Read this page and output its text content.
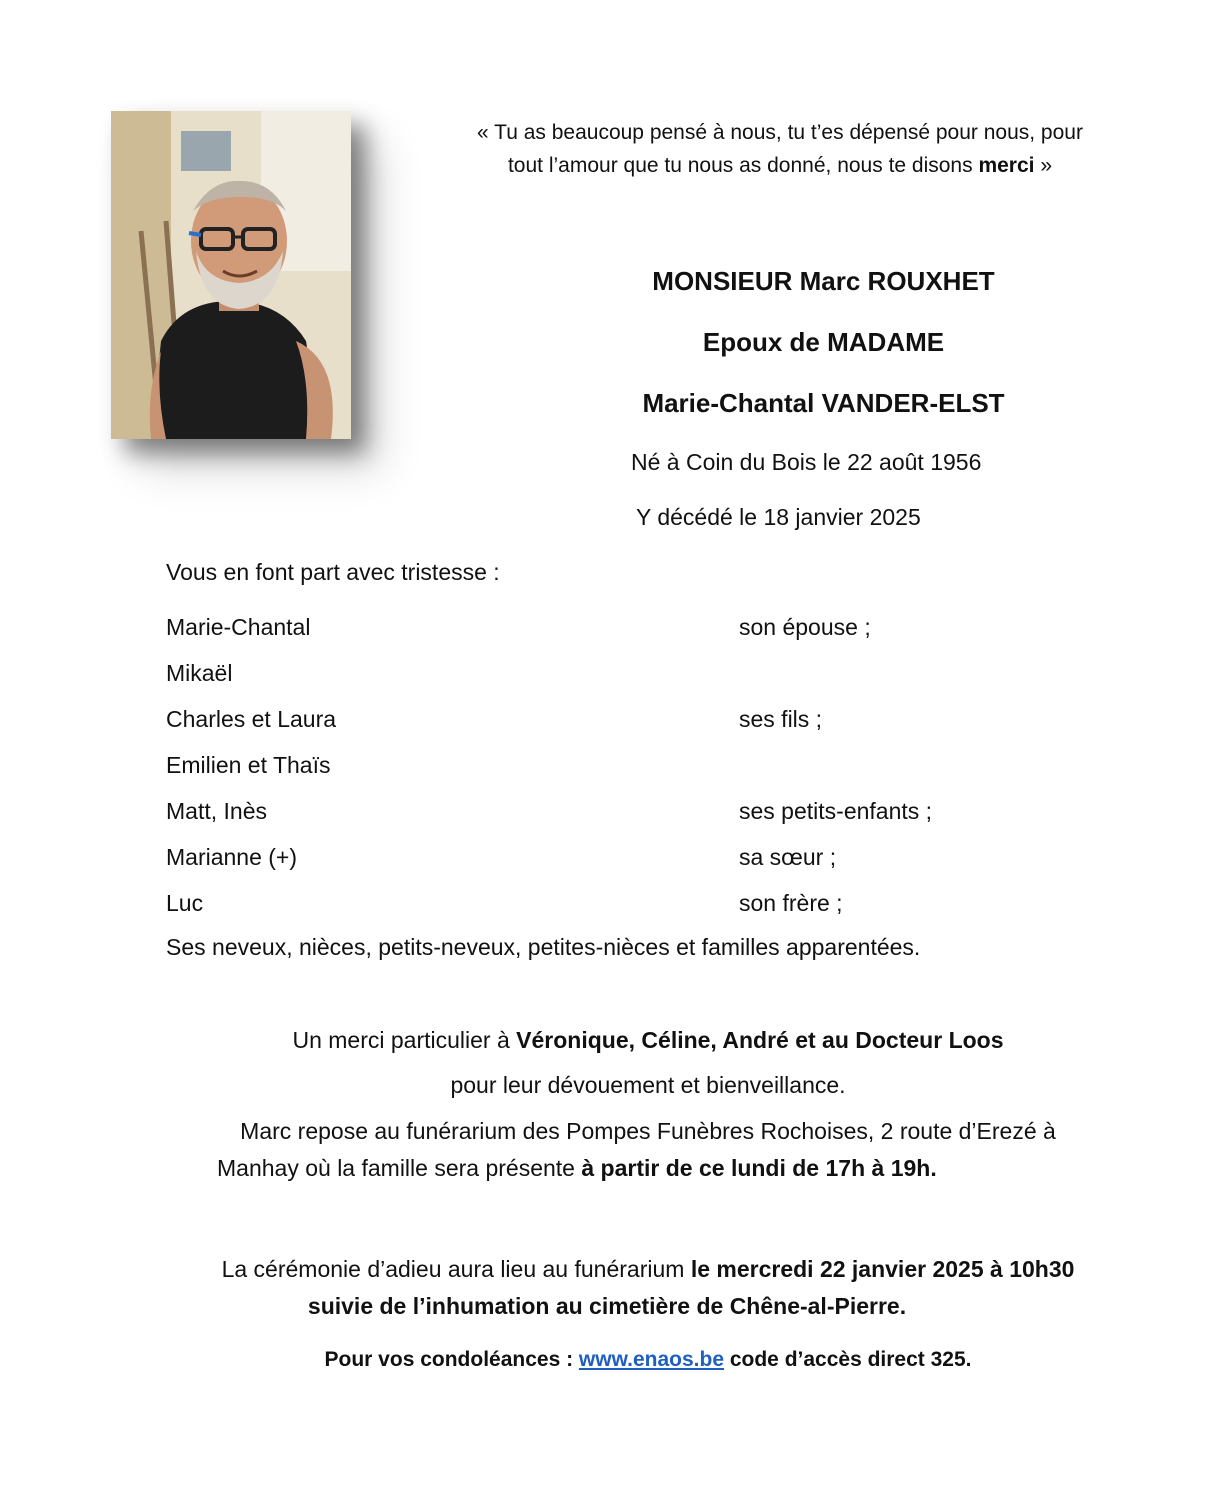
« Tu as beaucoup pensé à nous, tu t’es dépensé pour nous, pour
tout l’amour que tu nous as donné, nous te disons merci »
MONSIEUR Marc ROUXHET
Epoux de MADAME
Marie-Chantal VANDER-ELST
Né à Coin du Bois le 22 août 1956
Y décédé le 18 janvier 2025
Vous en font part avec tristesse :
Marie-Chantal	son épouse ;
Mikaël
Charles et Laura	ses fils ;
Emilien et Thaïs
Matt, Inès	ses petits-enfants ;
Marianne (+)	sa sœur ;
Luc	son frère ;
Ses neveux, nièces, petits-neveux, petites-nièces et familles apparentées.
Un merci particulier à Véronique, Céline, André et au Docteur Loos
pour leur dévouement et bienveillance.
Marc repose au funérarium des Pompes Funèbres Rochoises, 2 route d’Erezé à
Manhay où la famille sera présente à partir de ce lundi de 17h à 19h.
La cérémonie d’adieu aura lieu au funérarium le mercredi 22 janvier 2025 à 10h30
suivie de l’inhumation au cimetière de Chêne-al-Pierre.
Pour vos condoléances : www.enaos.be code d’accès direct 325.
